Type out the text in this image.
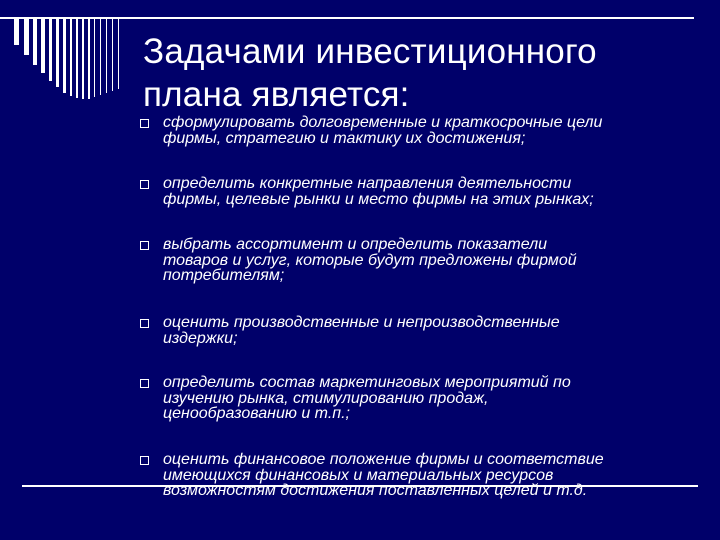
Задачами инвестиционного
плана является:
сформулировать долговременные и краткосрочные цели
фирмы, стратегию и тактику их достижения;
определить конкретные направления деятельности
фирмы, целевые рынки и место фирмы на этих рынках;
выбрать ассортимент и определить показатели
товаров и услуг, которые будут предложены фирмой
потребителям;
оценить производственные и непроизводственные
издержки;
определить состав маркетинговых мероприятий по
изучению рынка, стимулированию продаж,
ценообразованию и т.п.;
оценить финансовое положение фирмы и соответствие
имеющихся финансовых и материальных ресурсов
возможностям достижения поставленных целей и т.д.
